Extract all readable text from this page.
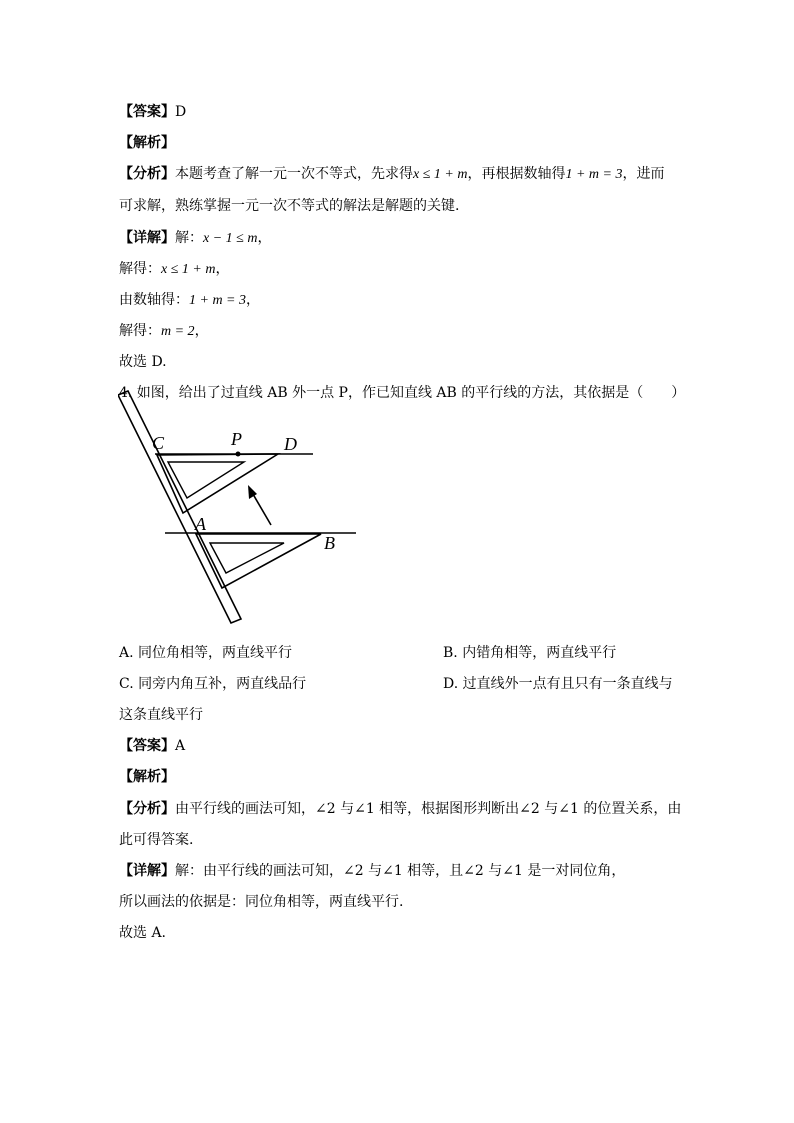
【答案】D
【解析】
【分析】本题考查了解一元一次不等式，先求得x ≤ 1 + m，再根据数轴得1 + m = 3，进而
可求解，熟练掌握一元一次不等式的解法是解题的关键.
【详解】解：x − 1 ≤ m，
解得：x ≤ 1 + m，
由数轴得：1 + m = 3，
解得：m = 2，
故选 D.
4. 如图，给出了过直线 AB 外一点 P，作已知直线 AB 的平行线的方法，其依据是（　　）
C	P D
A
B
A. 同位角相等，两直线平行	B. 内错角相等，两直线平行
C. 同旁内角互补，两直线品行	D. 过直线外一点有且只有一条直线与
这条直线平行
【答案】A
【解析】
【分析】由平行线的画法可知，∠2 与∠1 相等，根据图形判断出∠2 与∠1 的位置关系，由
此可得答案.
【详解】解：由平行线的画法可知，∠2 与∠1 相等，且∠2 与∠1 是一对同位角，
所以画法的依据是：同位角相等，两直线平行.
故选 A.
